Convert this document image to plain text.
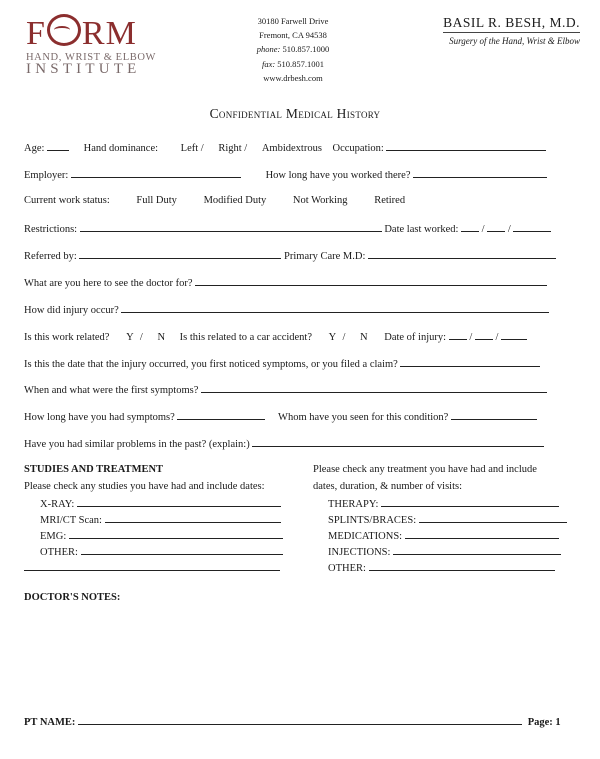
F RM
HAND, WRIST & ELBOW
INSTITUTE
30180 Farwell Drive
Fremont, CA 94538
phone: 510.857.1000
fax: 510.857.1001
www.drbesh.com
BASIL R. BESH, M.D.
Surgery of the Hand, Wrist & Elbow
Confidential Medical History
Age:	Hand dominance: Left / Right / Ambidextrous Occupation:
Employer:	How long have you worked there?
Current work status:	Full Duty	Modified Duty	Not Working	Retired
Restrictions:	Date last worked: / /
Referred by:	Primary Care M.D:
What are you here to see the doctor for?
How did injury occur?
Is this work related? Y / N Is this related to a car accident? Y / N Date of injury: / /
Is this the date that the injury occurred, you first noticed symptoms, or you filed a claim?
When and what were the first symptoms?
How long have you had symptoms?	Whom have you seen for this condition?
Have you had similar problems in the past? (explain:)
STUDIES AND TREATMENT
Please check any studies you have had and include dates:
X-RAY:
MRI/CT Scan:
EMG:
OTHER:
Please check any treatment you have had and include
dates, duration, & number of visits:
THERAPY:
SPLINTS/BRACES:
MEDICATIONS:
INJECTIONS:
OTHER:
DOCTOR'S NOTES:
PT NAME:	Page: 1
